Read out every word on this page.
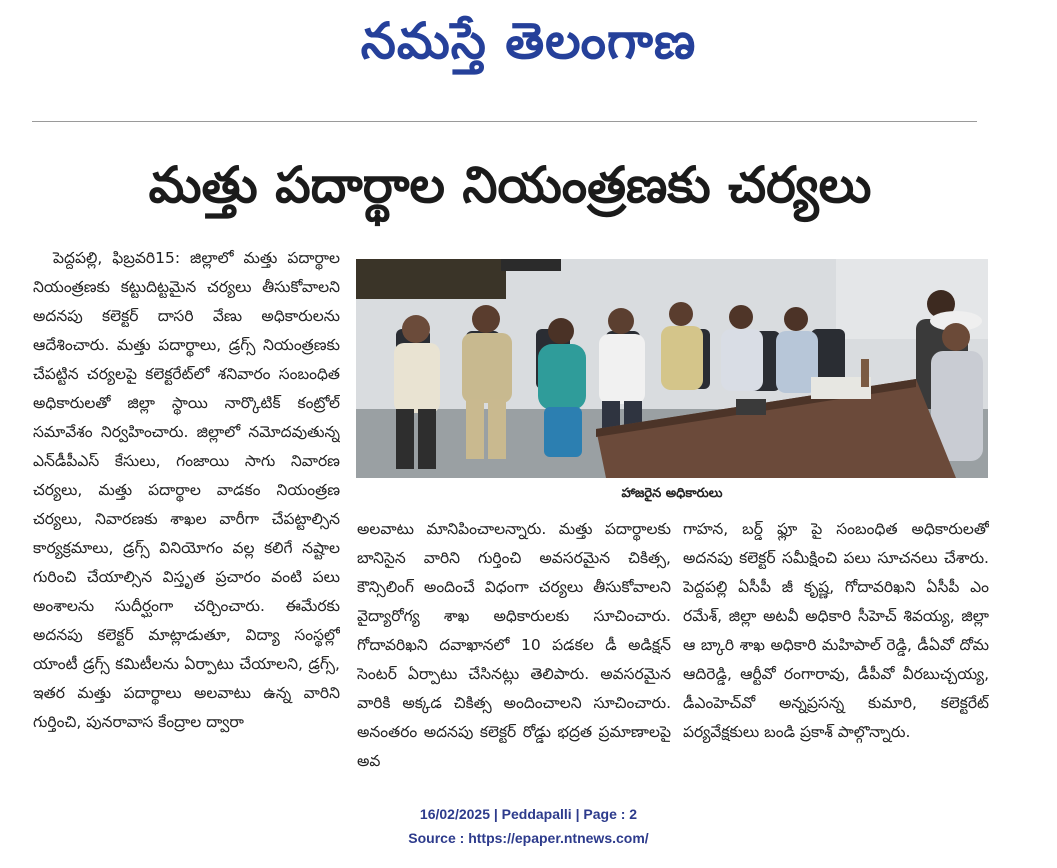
నమస్తే తెలంగాణ
మత్తు పదార్థాల నియంత్రణకు చర్యలు

పెద్దపల్లి, ఫిబ్రవరి15: జిల్లాలో మత్తు పదార్థాల నియంత్రణకు కట్టుదిట్టమైన చర్యలు తీసుకోవాలని అదనపు కలెక్టర్ దాసరి వేణు అధికారులను ఆదేశించారు. మత్తు పదార్థాలు, డ్రగ్స్ నియంత్రణకు చేపట్టిన చర్యలపై కలెక్టరేట్‌లో శనివారం సంబంధిత అధికారులతో జిల్లా స్థాయి నార్కొటిక్ కంట్రోల్ సమావేశం నిర్వహించారు. జిల్లాలో నమోదవుతున్న ఎన్‌డీపీఎస్ కేసులు, గంజాయి సాగు నివారణ చర్యలు, మత్తు పదార్థాల వాడకం నియంత్రణ చర్యలు, నివారణకు శాఖల వారీగా చేపట్టాల్సిన కార్యక్రమాలు, డ్రగ్స్ వినియోగం వల్ల కలిగే నష్టాల గురించి చేయాల్సిన విస్తృత ప్రచారం వంటి పలు అంశాలను సుదీర్ఘంగా చర్చించారు. ఈమేరకు అదనపు కలెక్టర్ మాట్లాడుతూ, విద్యా సంస్థల్లో యాంటీ డ్రగ్స్ కమిటీలను ఏర్పాటు చేయాలని, డ్రగ్స్, ఇతర మత్తు పదార్థాలు అలవాటు ఉన్న వారిని గుర్తించి, పునరావాస కేంద్రాల ద్వారా

హాజరైన అధికారులు

అలవాటు మానిపించాలన్నారు. మత్తు పదార్థాలకు బానిసైన వారిని గుర్తించి అవసరమైన చికిత్స, కౌన్సిలింగ్ అందించే విధంగా చర్యలు తీసుకోవాలని వైద్యారోగ్య శాఖ అధికారులకు సూచించారు. గోదావరిఖని దవాఖానలో 10 పడకల డీ అడిక్షన్ సెంటర్ ఏర్పాటు చేసినట్లు తెలిపారు. అవసరమైన వారికి అక్కడ చికిత్స అందించాలని సూచించారు. అనంతరం అదనపు కలెక్టర్ రోడ్డు భద్రత ప్రమాణాలపై అవ

గాహన, బర్డ్ ఫ్లూ పై సంబంధిత అధికారులతో అదనపు కలెక్టర్ సమీక్షించి పలు సూచనలు చేశారు. పెద్దపల్లి ఏసీపీ జీ కృష్ణ, గోదావరిఖని ఏసీపీ ఎం రమేశ్, జిల్లా అటవీ అధికారి సీహెచ్ శివయ్య, జిల్లా ఆ బ్కారి శాఖ అధికారి మహిపాల్ రెడ్డి, డీఏవో దోమ ఆదిరెడ్డి, ఆర్టీవో రంగారావు, డీపీవో వీరబుచ్చయ్య, డీఎంహెచ్‌వో అన్నప్రసన్న కుమారి, కలెక్టరేట్ పర్యవేక్షకులు బండి ప్రకాశ్ పాల్గొన్నారు.

16/02/2025 | Peddapalli | Page : 2
Source : https://epaper.ntnews.com/
